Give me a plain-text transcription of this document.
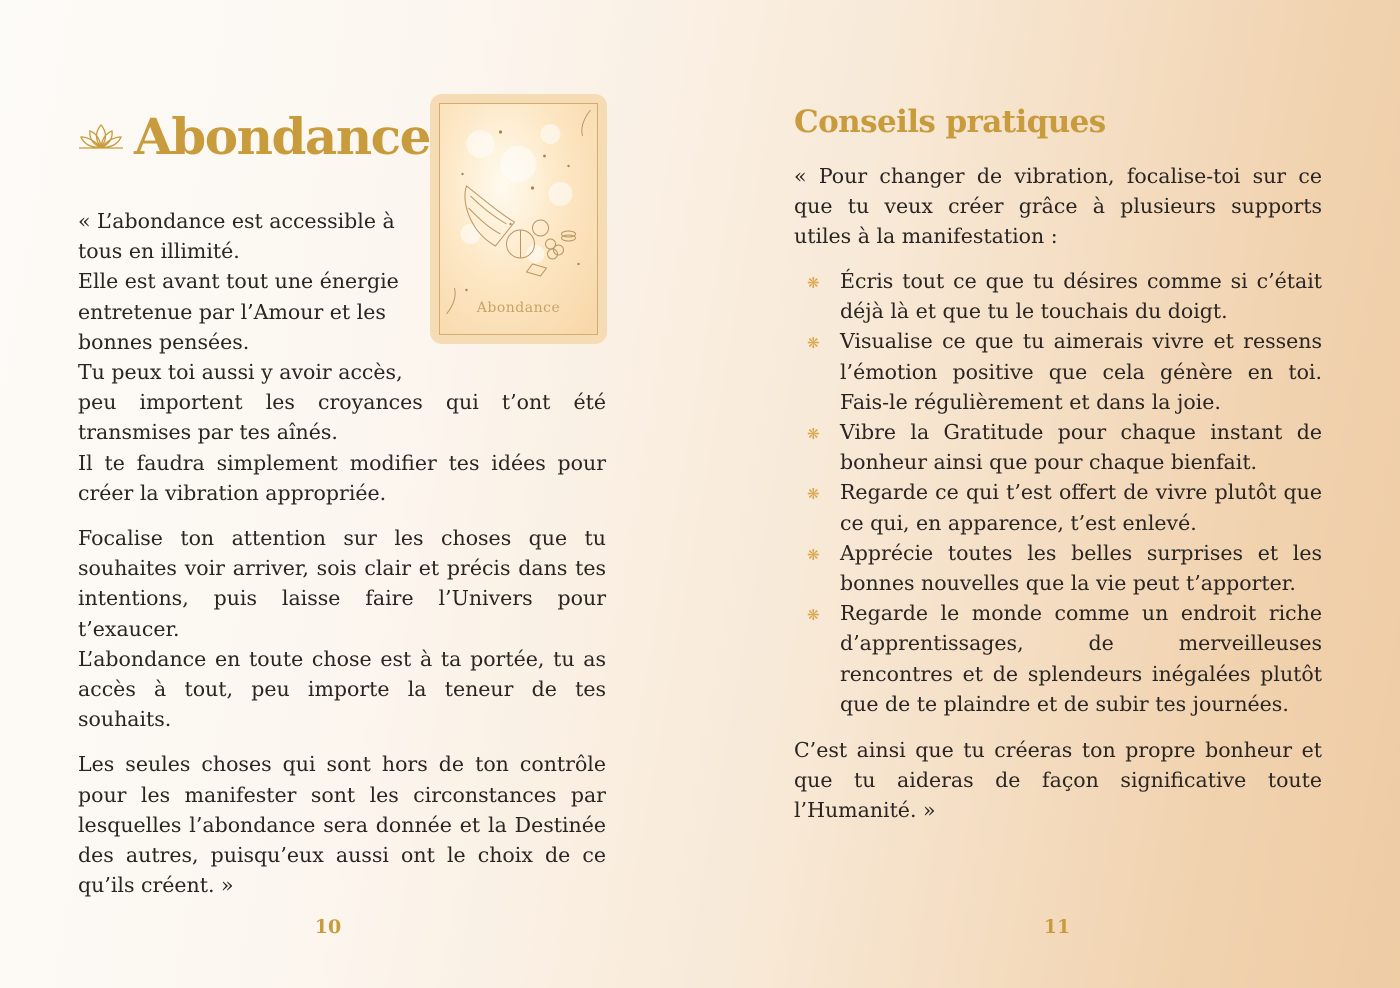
Abondance
Abondance

« L’abondance est accessible à tous en illimité.

Elle est avant tout une énergie entretenue par l’Amour et les bonnes pensées.

Tu peux toi aussi y avoir accès,

peu importent les croyances qui t’ont été transmises par tes aînés.

Il te faudra simplement modifier tes idées pour créer la vibration appropriée.

Focalise ton attention sur les choses que tu souhaites voir arriver, sois clair et précis dans tes intentions, puis laisse faire l’Univers pour t’exaucer.

L’abondance en toute chose est à ta portée, tu as accès à tout, peu importe la teneur de tes souhaits.

Les seules choses qui sont hors de ton contrôle pour les manifester sont les circonstances par lesquelles l’abondance sera donnée et la Destinée des autres, puisqu’eux aussi ont le choix de ce qu’ils créent. »

10
Conseils pratiques

« Pour changer de vibration, focalise-toi sur ce que tu veux créer grâce à plusieurs supports utiles à la manifestation :

❋ Écris tout ce que tu désires comme si c’était déjà là et que tu le touchais du doigt.
❋ Visualise ce que tu aimerais vivre et ressens l’émotion positive que cela génère en toi. Fais-le régulièrement et dans la joie.
❋ Vibre la Gratitude pour chaque instant de bonheur ainsi que pour chaque bienfait.
❋ Regarde ce qui t’est offert de vivre plutôt que ce qui, en apparence, t’est enlevé.
❋ Apprécie toutes les belles surprises et les bonnes nouvelles que la vie peut t’apporter.
❋ Regarde le monde comme un endroit riche d’apprentissages, de merveilleuses rencontres et de splendeurs inégalées plutôt que de te plaindre et de subir tes journées.

C’est ainsi que tu créeras ton propre bonheur et que tu aideras de façon significative toute l’Humanité. »

11
